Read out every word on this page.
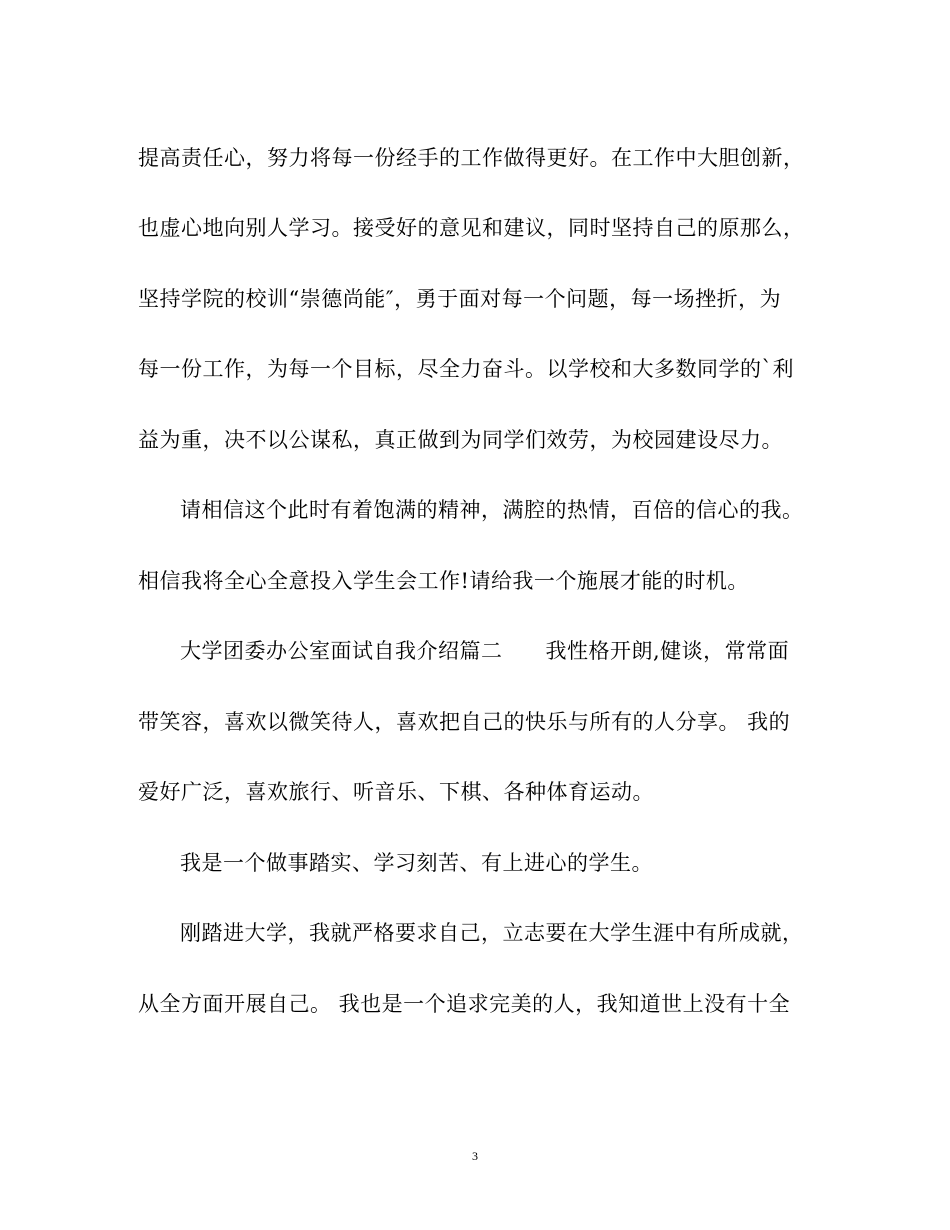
提高责任心，努力将每一份经手的工作做得更好。在工作中大胆创新，
也虚心地向别人学习。接受好的意见和建议，同时坚持自己的原那么，
坚持学院的校训“崇德尚能″，勇于面对每一个问题，每一场挫折，为
每一份工作，为每一个目标，尽全力奋斗。以学校和大多数同学的`利
益为重，决不以公谋私，真正做到为同学们效劳，为校园建设尽力。
请相信这个此时有着饱满的精神，满腔的热情，百倍的信心的我。
相信我将全心全意投入学生会工作!请给我一个施展才能的时机。
大学团委办公室面试自我介绍篇二　　我性格开朗,健谈，常常面
带笑容，喜欢以微笑待人，喜欢把自己的快乐与所有的人分享。 我的
爱好广泛，喜欢旅行、听音乐、下棋、各种体育运动。
我是一个做事踏实、学习刻苦、有上进心的学生。
刚踏进大学，我就严格要求自己，立志要在大学生涯中有所成就，
从全方面开展自己。 我也是一个追求完美的人，我知道世上没有十全
3
